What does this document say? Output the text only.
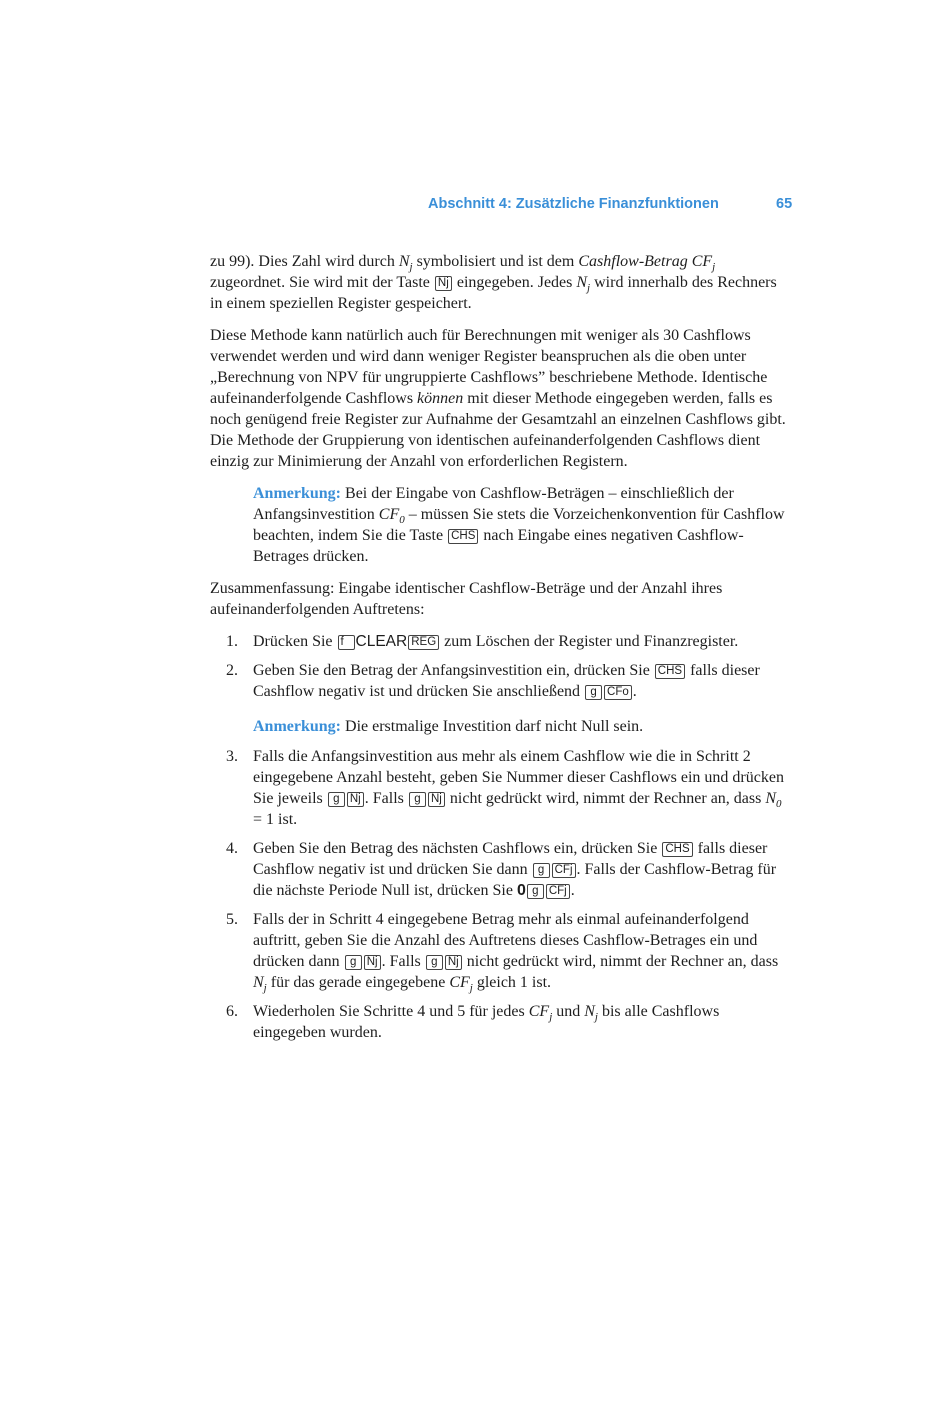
Abschnitt 4: Zusätzliche Finanzfunktionen	65

zu 99). Dies Zahl wird durch $N_j$ symbolisiert und ist dem Cashflow-Betrag $CF_j$ zugeordnet. Sie wird mit der Taste Nj eingegeben. Jedes $N_j$ wird innerhalb des Rechners in einem speziellen Register gespeichert.

Diese Methode kann natürlich auch für Berechnungen mit weniger als 30 Cashflows verwendet werden und wird dann weniger Register beanspruchen als die oben unter „Berechnung von NPV für ungruppierte Cashflows” beschriebene Methode. Identische aufeinanderfolgende Cashflows können mit dieser Methode eingegeben werden, falls es noch genügend freie Register zur Aufnahme der Gesamtzahl an einzelnen Cashflows gibt. Die Methode der Gruppierung von identischen aufeinanderfolgenden Cashflows dient einzig zur Minimierung der Anzahl von erforderlichen Registern.

Anmerkung: Bei der Eingabe von Cashflow-Beträgen – einschließlich der Anfangsinvestition $CF_0$ – müssen Sie stets die Vorzeichenkonvention für Cashflow beachten, indem Sie die Taste CHS nach Eingabe eines negativen Cashflow-Betrages drücken.

Zusammenfassung: Eingabe identischer Cashflow-Beträge und der Anzahl ihres aufeinanderfolgenden Auftretens:

1. Drücken Sie f CLEAR REG zum Löschen der Register und Finanzregister.
2. Geben Sie den Betrag der Anfangsinvestition ein, drücken Sie CHS falls dieser Cashflow negativ ist und drücken Sie anschließend g CFo .
Anmerkung: Die erstmalige Investition darf nicht Null sein.
3. Falls die Anfangsinvestition aus mehr als einem Cashflow wie die in Schritt 2 eingegebene Anzahl besteht, geben Sie Nummer dieser Cashflows ein und drücken Sie jeweils g Nj . Falls g Nj nicht gedrückt wird, nimmt der Rechner an, dass $N_0 = 1$ ist.
4. Geben Sie den Betrag des nächsten Cashflows ein, drücken Sie CHS falls dieser Cashflow negativ ist und drücken Sie dann g CFj . Falls der Cashflow-Betrag für die nächste Periode Null ist, drücken Sie 0 g CFj .
5. Falls der in Schritt 4 eingegebene Betrag mehr als einmal aufeinanderfolgend auftritt, geben Sie die Anzahl des Auftretens dieses Cashflow-Betrages ein und drücken dann g Nj . Falls g Nj nicht gedrückt wird, nimmt der Rechner an, dass $N_j$ für das gerade eingegebene $CF_j$ gleich 1 ist.
6. Wiederholen Sie Schritte 4 und 5 für jedes $CF_j$ und $N_j$ bis alle Cashflows eingegeben wurden.
